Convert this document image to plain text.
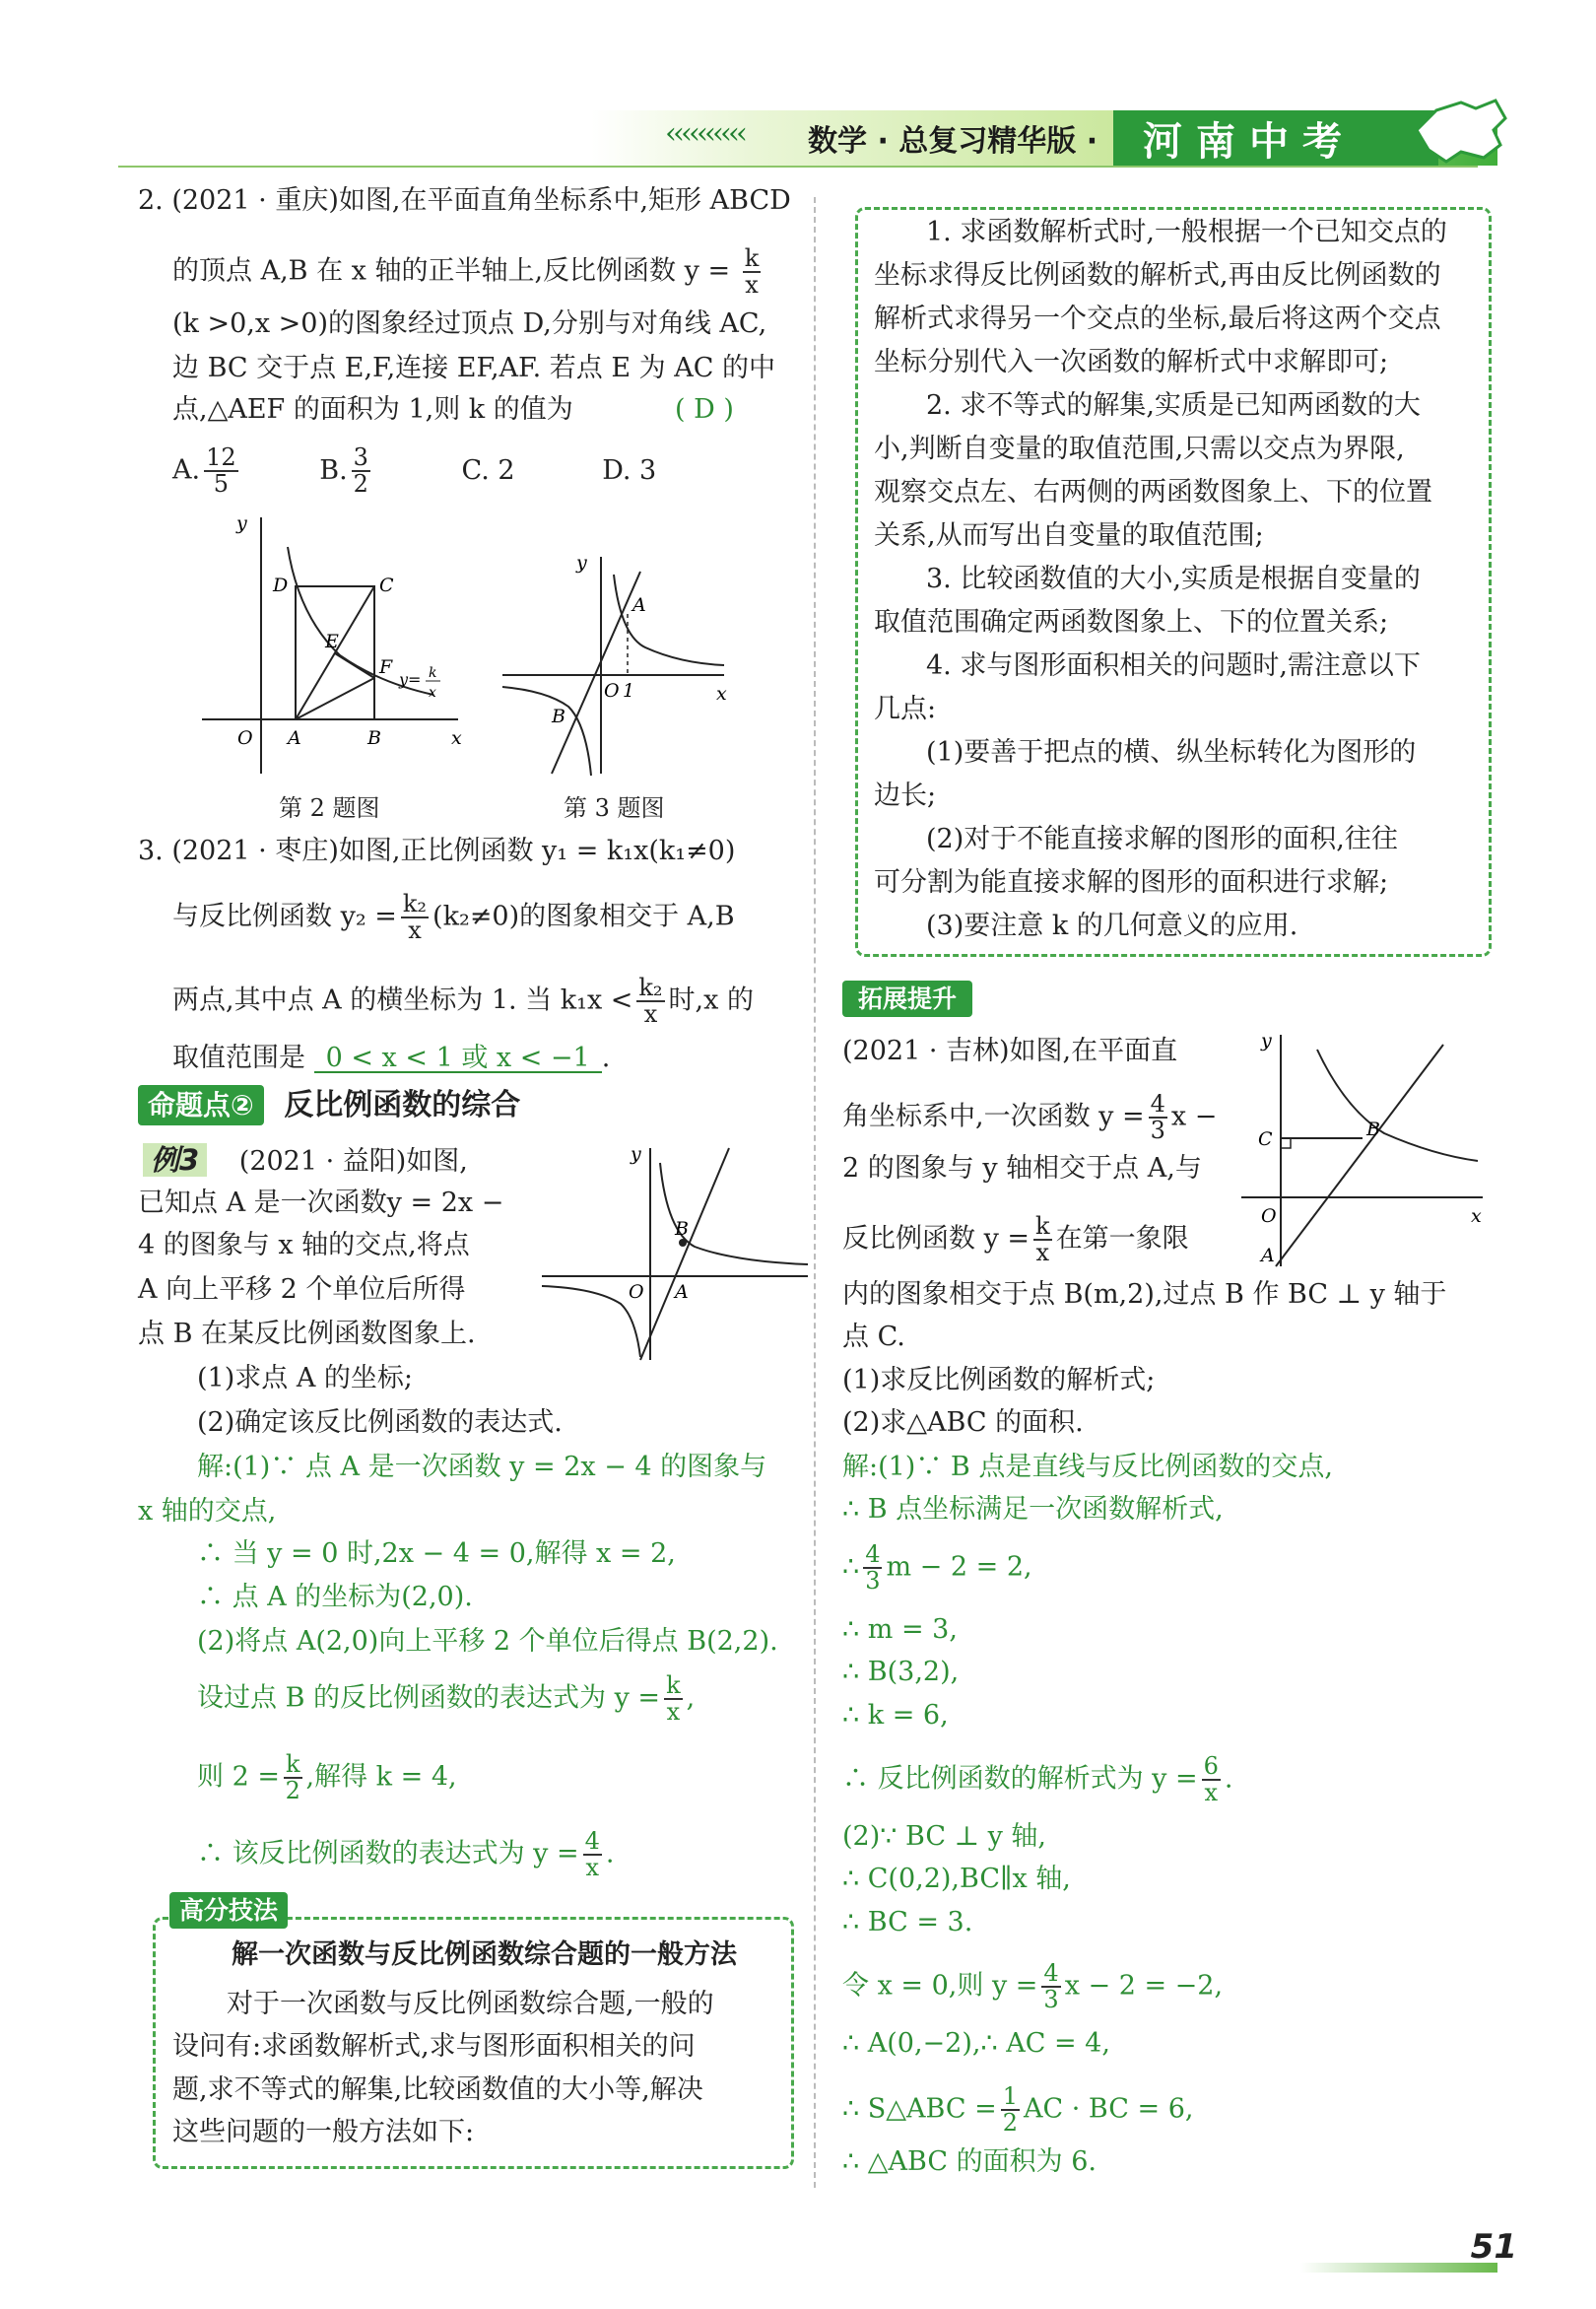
‹‹‹‹‹‹‹‹‹‹ 数学 · 总复习精华版 · 河南中考
2. (2021 · 重庆)如图,在平面直角坐标系中,矩形 ABCD
的顶点 A,B 在 x 轴的正半轴上,反比例函数 $y = \frac{k}{x}$
(k >0,x >0)的图象经过顶点 D,分别与对角线 AC,
边 BC 交于点 E,F,连接 EF,AF. 若点 E 为 AC 的中
点,△AEF 的面积为 1,则 k 的值为	( D )
A. $\frac{12}{5}$	B. $\frac{3}{2}$	C. 2	D. 3
y
x
O A	B
C
D
E
F
y= k
x
第 2 题图
y
x
O 1
A
B
第 3 题图
3. (2021 · 枣庄)如图,正比例函数 y₁ = k₁x(k₁≠0)
与反比例函数 $y_2 = \frac{\text{k₂}}{x} (k_2\ne 0)$的图象相交于 A,B
两点,其中点 A 的横坐标为 1. 当 $k_1x < \frac{\text{k₂}}{x}$ 时,x 的
取值范围是 0 < x < 1 或 x < −1 .
命题点② 反比例函数的综合
例3 (2021 · 益阳)如图,
已知点 A 是一次函数y = 2x −
4 的图象与 x 轴的交点,将点
A 向上平移 2 个单位后所得
点 B 在某反比例函数图象上.
y
O A
B
(1)求点 A 的坐标;
(2)确定该反比例函数的表达式.
解:(1)∵ 点 A 是一次函数 y = 2x − 4 的图象与
x 轴的交点,
∴ 当 y = 0 时,2x − 4 = 0,解得 x = 2,
∴ 点 A 的坐标为(2,0).
(2)将点 A(2,0)向上平移 2 个单位后得点 B(2,2).
设过点 B 的反比例函数的表达式为 $y = \frac{k}{x}$ ,
则 $2 = \frac{k}{2}$ ,解得 k = 4,
∴ 该反比例函数的表达式为 $y = \frac{4}{x}$ .
高分技法
解一次函数与反比例函数综合题的一般方法
对于一次函数与反比例函数综合题,一般的
设问有:求函数解析式,求与图形面积相关的问
题,求不等式的解集,比较函数值的大小等,解决
这些问题的一般方法如下:
1. 求函数解析式时,一般根据一个已知交点的
坐标求得反比例函数的解析式,再由反比例函数的
解析式求得另一个交点的坐标,最后将这两个交点
坐标分别代入一次函数的解析式中求解即可;
2. 求不等式的解集,实质是已知两函数的大
小,判断自变量的取值范围,只需以交点为界限,
观察交点左、右两侧的两函数图象上、下的位置
关系,从而写出自变量的取值范围;
3. 比较函数值的大小,实质是根据自变量的
取值范围确定两函数图象上、下的位置关系;
4. 求与图形面积相关的问题时,需注意以下
几点:
(1)要善于把点的横、纵坐标转化为图形的
边长;
(2)对于不能直接求解的图形的面积,往往
可分割为能直接求解的图形的面积进行求解;
(3)要注意 k 的几何意义的应用.
拓展提升
(2021 · 吉林)如图,在平面直
角坐标系中,一次函数 $y = \frac{4}{3}$ x −
2 的图象与 y 轴相交于点 A,与
反比例函数 $y = \frac{k}{x}$ 在第一象限
y
x
O
A
B
C
内的图象相交于点 B(m,2),过点 B 作 BC ⊥ y 轴于
点 C.
(1)求反比例函数的解析式;
(2)求△ABC 的面积.
解:(1)∵ B 点是直线与反比例函数的交点,
∴ B 点坐标满足一次函数解析式,
∴ $\frac{4}{3}$ m − 2 = 2,
∴ m = 3,
∴ B(3,2),
∴ k = 6,
∴ 反比例函数的解析式为 $y = \frac{6}{x}$ .
(2)∵ BC ⊥ y 轴,
∴ C(0,2),BC∥x 轴,
∴ BC = 3.
令 x = 0,则 $y = \frac{4}{3}$ x − 2 = −2,
∴ A(0,−2),∴ AC = 4,
∴ S△ABC = $\frac{1}{2}$ AC · BC = 6,
∴ △ABC 的面积为 6.
51
